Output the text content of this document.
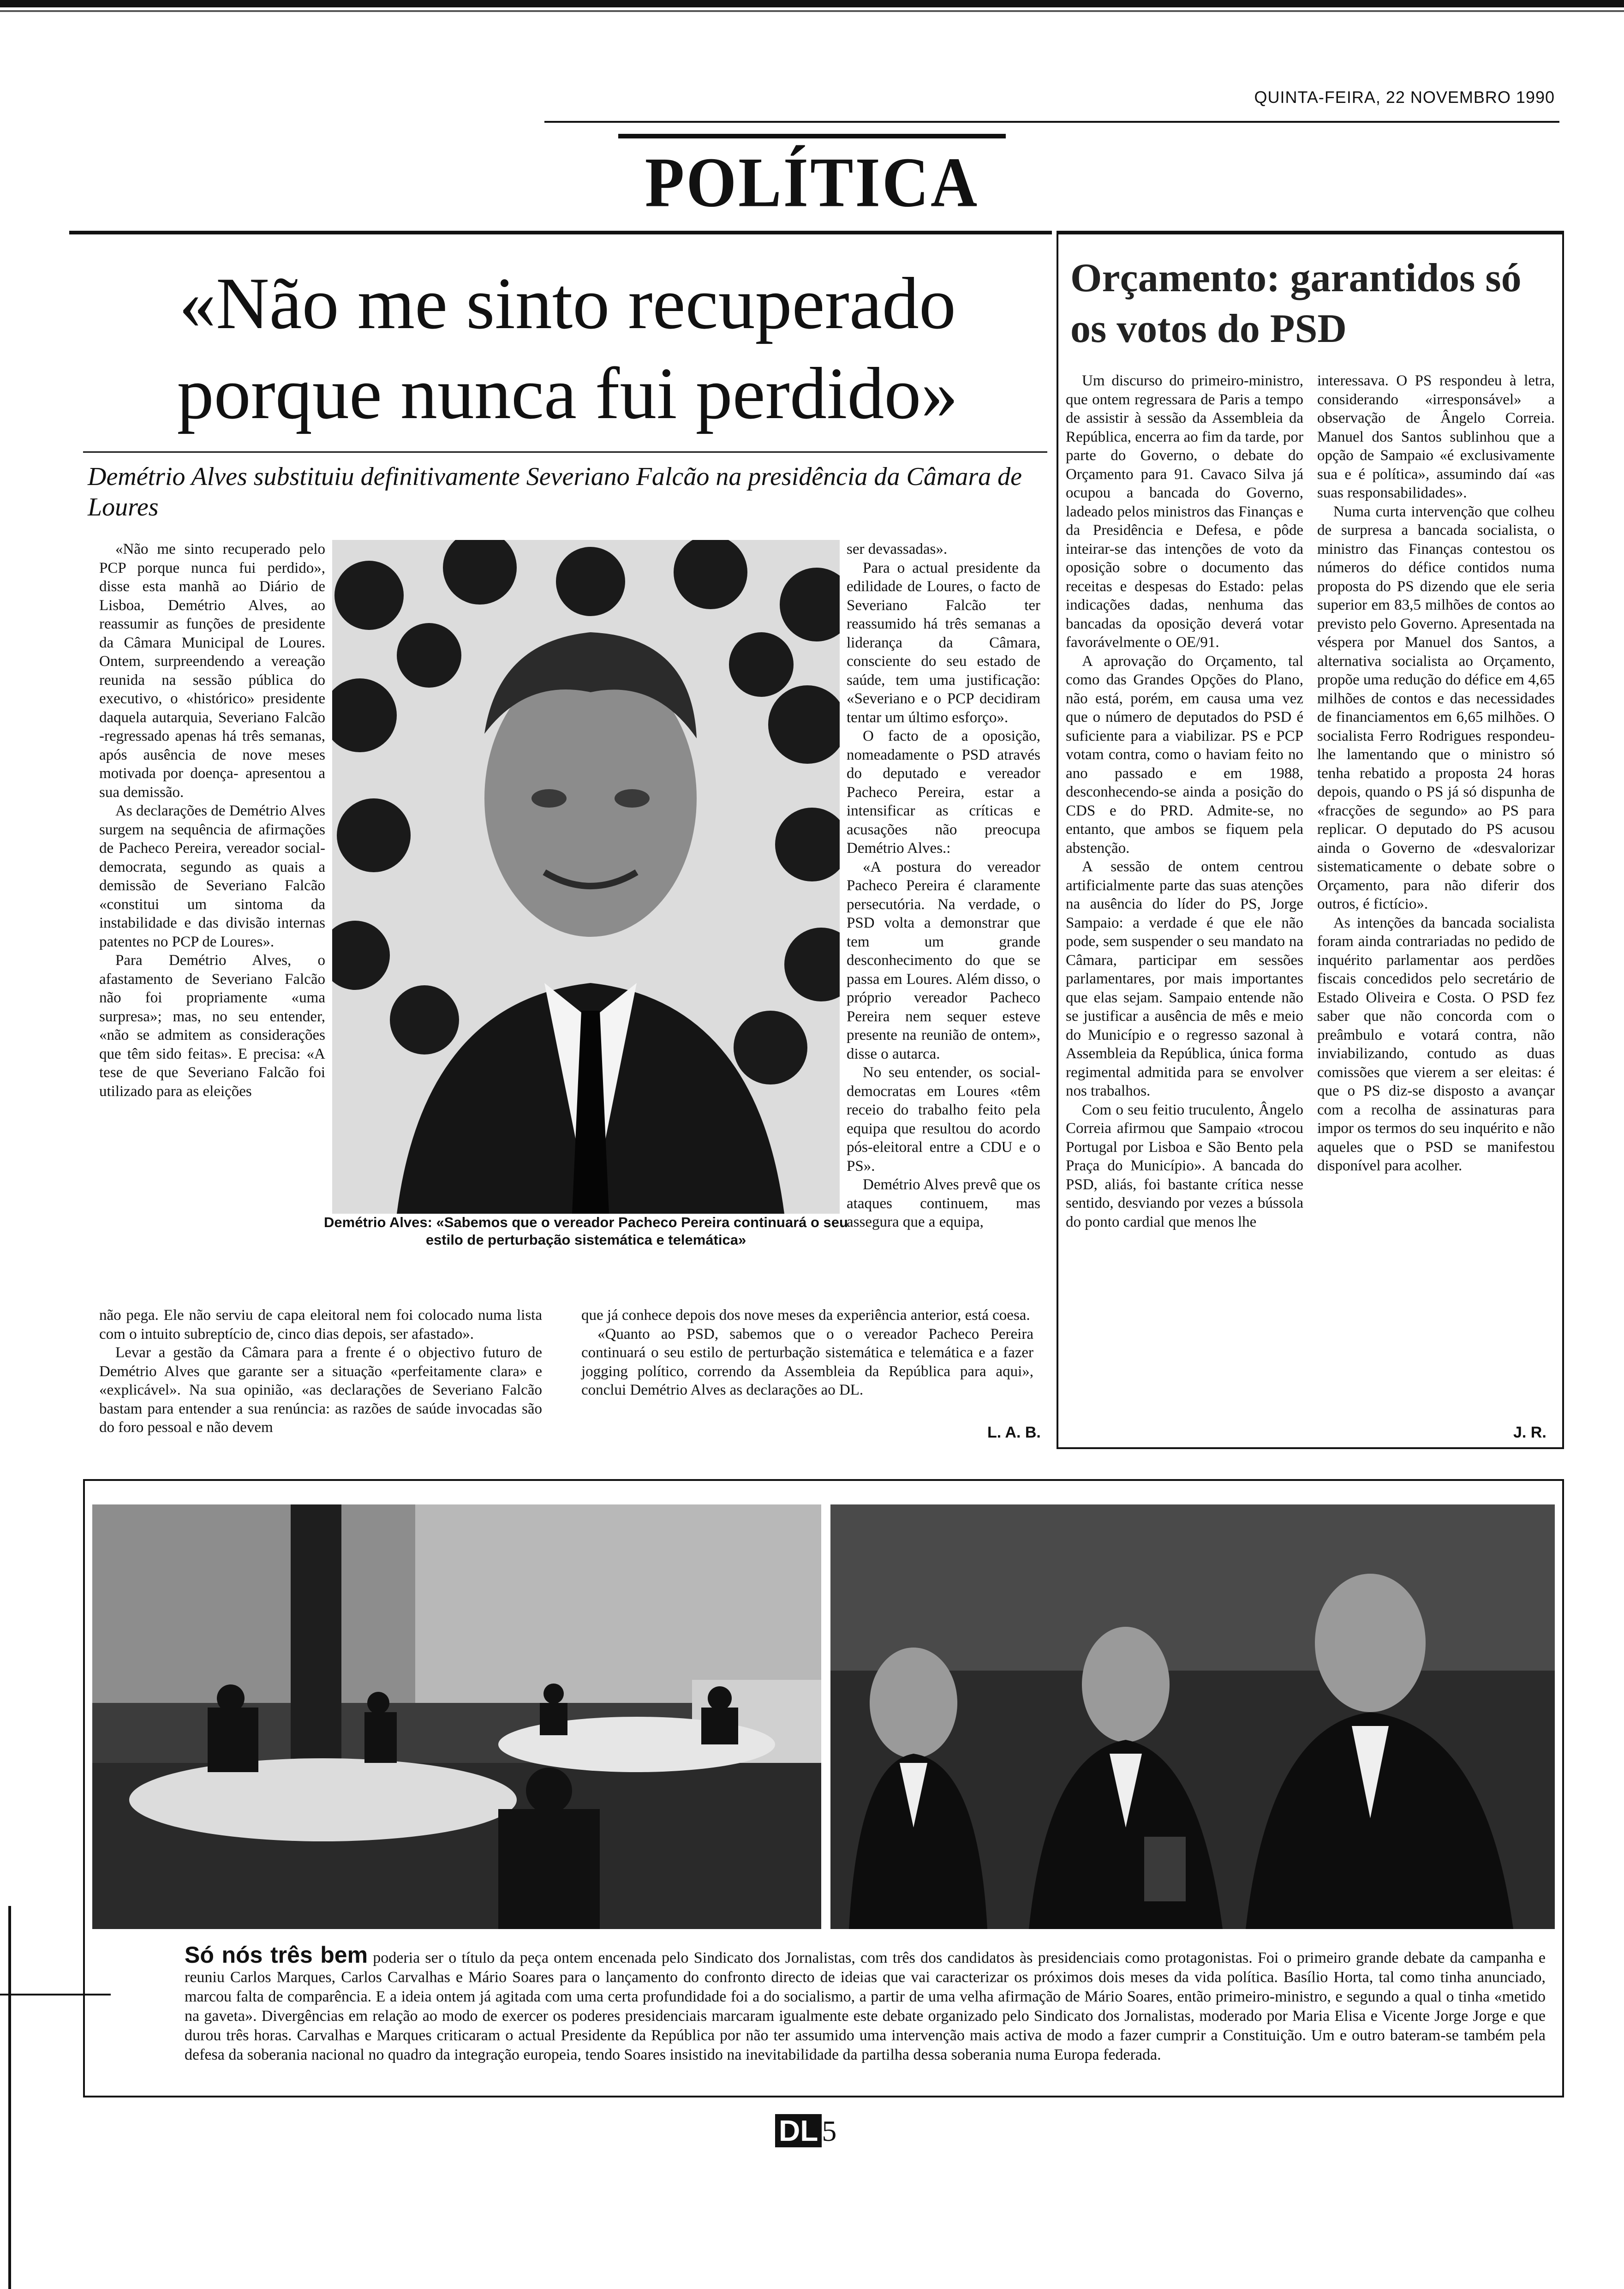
QUINTA-FEIRA, 22 NOVEMBRO 1990
POLÍTICA
«Não me sinto recuperado porque nunca fui perdido»
Demétrio Alves substituiu definitivamente Severiano Falcão na presidência da Câmara de Loures

«Não me sinto recuperado pelo PCP porque nunca fui perdido», disse esta manhã ao Diário de Lisboa, Demétrio Alves, ao reassumir as funções de presidente da Câmara Municipal de Loures. Ontem, surpreendendo a vereação reunida na sessão pública do executivo, o «histórico» presidente daquela autarquia, Severiano Falcão -regressado apenas há três semanas, após ausência de nove meses motivada por doença- apresentou a sua demissão.

As declarações de Demétrio Alves surgem na sequência de afirmações de Pacheco Pereira, vereador social-democrata, segundo as quais a demissão de Severiano Falcão «constitui um sintoma da instabilidade e das divisão internas patentes no PCP de Loures».

Para Demétrio Alves, o afastamento de Severiano Falcão não foi propriamente «uma surpresa»; mas, no seu entender, «não se admitem as considerações que têm sido feitas». E precisa: «A tese de que Severiano Falcão foi utilizado para as eleições

ser devassadas».

Para o actual presidente da edilidade de Loures, o facto de Severiano Falcão ter reassumido há três semanas a liderança da Câmara, consciente do seu estado de saúde, tem uma justificação: «Severiano e o PCP decidiram tentar um último esforço».

O facto de a oposição, nomeadamente o PSD através do deputado e vereador Pacheco Pereira, estar a intensificar as críticas e acusações não preocupa Demétrio Alves.:

«A postura do vereador Pacheco Pereira é claramente persecutória. Na verdade, o PSD volta a demonstrar que tem um grande desconhecimento do que se passa em Loures. Além disso, o próprio vereador Pacheco Pereira nem sequer esteve presente na reunião de ontem», disse o autarca.

No seu entender, os social-democratas em Loures «têm receio do trabalho feito pela equipa que resultou do acordo pós-eleitoral entre a CDU e o PS».

Demétrio Alves prevê que os ataques continuem, mas assegura que a equipa,

Demétrio Alves: «Sabemos que o vereador Pacheco Pereira continuará o seu estilo de perturbação sistemática e telemática»

não pega. Ele não serviu de capa eleitoral nem foi colocado numa lista com o intuito subreptício de, cinco dias depois, ser afastado».

Levar a gestão da Câmara para a frente é o objectivo futuro de Demétrio Alves que garante ser a situação «perfeitamente clara» e «explicável». Na sua opinião, «as declarações de Severiano Falcão bastam para entender a sua renúncia: as razões de saúde invocadas são do foro pessoal e não devem

que já conhece depois dos nove meses da experiência anterior, está coesa.

«Quanto ao PSD, sabemos que o o vereador Pacheco Pereira continuará o seu estilo de perturbação sistemática e telemática e a fazer jogging político, correndo da Assembleia da República para aqui», conclui Demétrio Alves as declarações ao DL.

L. A. B.
Orçamento: garantidos só os votos do PSD

Um discurso do primeiro-ministro, que ontem regressara de Paris a tempo de assistir à sessão da Assembleia da República, encerra ao fim da tarde, por parte do Governo, o debate do Orçamento para 91. Cavaco Silva já ocupou a bancada do Governo, ladeado pelos ministros das Finanças e da Presidência e Defesa, e pôde inteirar-se das intenções de voto da oposição sobre o documento das receitas e despesas do Estado: pelas indicações dadas, nenhuma das bancadas da oposição deverá votar favorávelmente o OE/91.

A aprovação do Orçamento, tal como das Grandes Opções do Plano, não está, porém, em causa uma vez que o número de deputados do PSD é suficiente para a viabilizar. PS e PCP votam contra, como o haviam feito no ano passado e em 1988, desconhecendo-se ainda a posição do CDS e do PRD. Admite-se, no entanto, que ambos se fiquem pela abstenção.

A sessão de ontem centrou artificialmente parte das suas atenções na ausência do líder do PS, Jorge Sampaio: a verdade é que ele não pode, sem suspender o seu mandato na Câmara, participar em sessões parlamentares, por mais importantes que elas sejam. Sampaio entende não se justificar a ausência de mês e meio do Município e o regresso sazonal à Assembleia da República, única forma regimental admitida para se envolver nos trabalhos.

Com o seu feitio truculento, Ângelo Correia afirmou que Sampaio «trocou Portugal por Lisboa e São Bento pela Praça do Município». A bancada do PSD, aliás, foi bastante crítica nesse sentido, desviando por vezes a bússola do ponto cardial que menos lhe

interessava. O PS respondeu à letra, considerando «irresponsável» a observação de Ângelo Correia. Manuel dos Santos sublinhou que a opção de Sampaio «é exclusivamente sua e é política», assumindo daí «as suas responsabilidades».

Numa curta intervenção que colheu de surpresa a bancada socialista, o ministro das Finanças contestou os números do défice contidos numa proposta do PS dizendo que ele seria superior em 83,5 milhões de contos ao previsto pelo Governo. Apresentada na véspera por Manuel dos Santos, a alternativa socialista ao Orçamento, propõe uma redução do défice em 4,65 milhões de contos e das necessidades de financiamentos em 6,65 milhões. O socialista Ferro Rodrigues respondeu-lhe lamentando que o ministro só tenha rebatido a proposta 24 horas depois, quando o PS já só dispunha de «fracções de segundo» ao PS para replicar. O deputado do PS acusou ainda o Governo de «desvalorizar sistematicamente o debate sobre o Orçamento, para não diferir dos outros, é fictício».

As intenções da bancada socialista foram ainda contrariadas no pedido de inquérito parlamentar aos perdões fiscais concedidos pelo secretário de Estado Oliveira e Costa. O PSD fez saber que não concorda com o preâmbulo e votará contra, não inviabilizando, contudo as duas comissões que vierem a ser eleitas: é que o PS diz-se disposto a avançar com a recolha de assinaturas para impor os termos do seu inquérito e não aqueles que o PSD se manifestou disponível para acolher.

J. R.
Só nós três bem poderia ser o título da peça ontem encenada pelo Sindicato dos Jornalistas, com três dos candidatos às presidenciais como protagonistas. Foi o primeiro grande debate da campanha e reuniu Carlos Marques, Carlos Carvalhas e Mário Soares para o lançamento do confronto directo de ideias que vai caracterizar os próximos dois meses da vida política. Basílio Horta, tal como tinha anunciado, marcou falta de comparência. E a ideia ontem já agitada com uma certa profundidade foi a do socialismo, a partir de uma velha afirmação de Mário Soares, então primeiro-ministro, e segundo a qual o tinha «metido na gaveta». Divergências em relação ao modo de exercer os poderes presidenciais marcaram igualmente este debate organizado pelo Sindicato dos Jornalistas, moderado por Maria Elisa e Vicente Jorge Jorge e que durou três horas. Carvalhas e Marques criticaram o actual Presidente da República por não ter assumido uma intervenção mais activa de modo a fazer cumprir a Constituição. Um e outro bateram-se também pela defesa da soberania nacional no quadro da integração europeia, tendo Soares insistido na inevitabilidade da partilha dessa soberania numa Europa federada.
DL 5
